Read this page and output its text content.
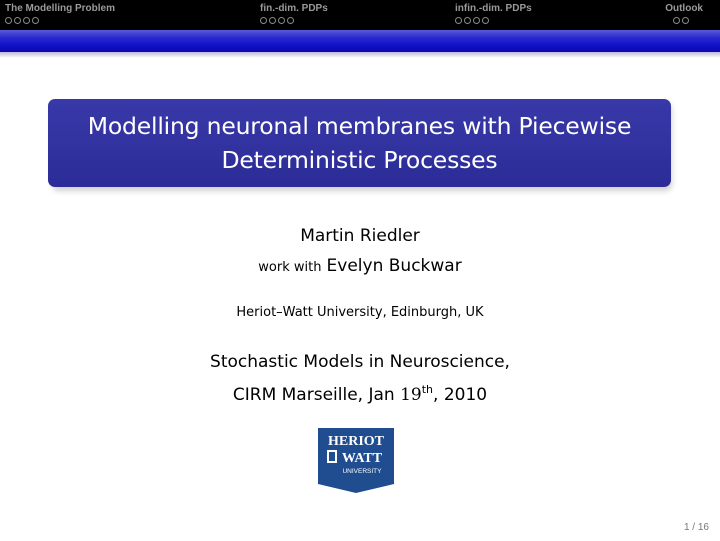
The Modelling Problem	fin.-dim. PDPs	infin.-dim. PDPs	Outlook
Modelling neuronal membranes with Piecewise Deterministic Processes
Martin Riedler
work with Evelyn Buckwar
Heriot–Watt University, Edinburgh, UK
Stochastic Models in Neuroscience,
CIRM Marseille, Jan 19th, 2010
HERIOT
WATT
UNIVERSITY
1 / 16
